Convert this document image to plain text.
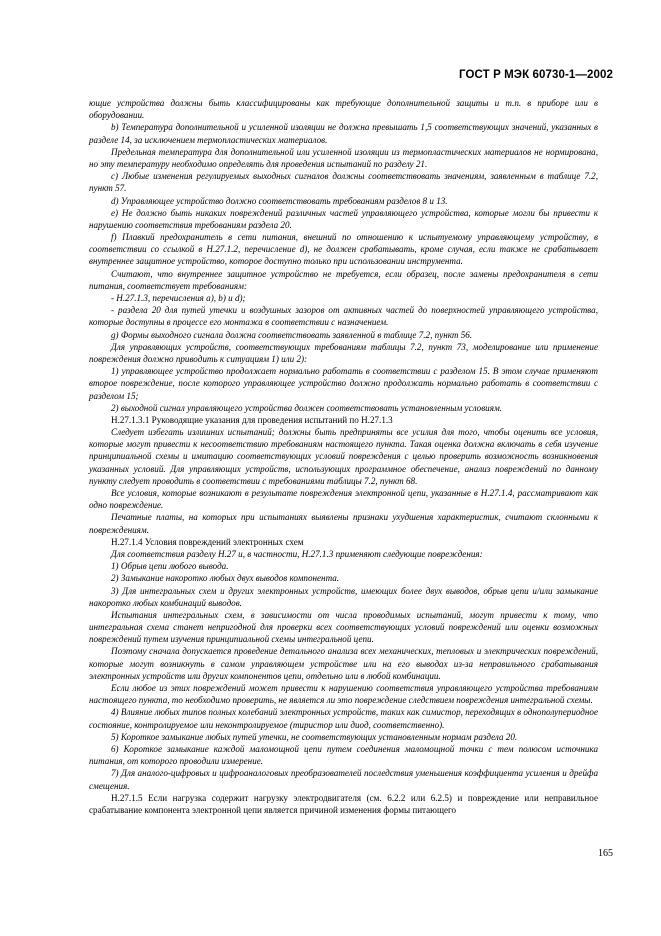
ГОСТ Р МЭК 60730-1—2002

ющие устройства должны быть классифицированы как требующие дополнительной защиты и т.п. в приборе или в оборудовании.

b) Температура дополнительной и усиленной изоляции не должна превышать 1,5 соответствующих значений, указанных в разделе 14, за исключением термопластических материалов.

Предельная температура для дополнительной или усиленной изоляции из термопластических материалов не нормирована, но эту температуру необходимо определять для проведения испытаний по разделу 21.

c) Любые изменения регулируемых выходных сигналов должны соответствовать значениям, заявленным в таблице 7.2, пункт 57.

d) Управляющее устройство должно соответствовать требованиям разделов 8 и 13.

e) Не должно быть никаких повреждений различных частей управляющего устройства, которые могли бы привести к нарушению соответствия требованиям раздела 20.

f) Плавкий предохранитель в сети питания, внешний по отношению к испытуемому управляющему устройству, в соответствии со ссылкой в Н.27.1.2, перечисление d), не должен срабатывать, кроме случая, если также не срабатывает внутреннее защитное устройство, которое доступно только при использовании инструмента.

Считают, что внутреннее защитное устройство не требуется, если образец, после замены предохранителя в сети питания, соответствует требованиям:

- Н.27.1.3, перечисления а), b) и d);

- раздела 20 для путей утечки и воздушных зазоров от активных частей до поверхностей управляющего устройства, которые доступны в процессе его монтажа в соответствии с назначением.

g) Формы выходного сигнала должна соответствовать заявленной в таблице 7.2, пункт 56.

Для управляющих устройств, соответствующих требованиям таблицы 7.2, пункт 73, моделирование или применение повреждения должно приводить к ситуациям 1) или 2):

1) управляющее устройство продолжает нормально работать в соответствии с разделом 15. В этом случае применяют второе повреждение, после которого управляющее устройство должно продолжать нормально работать в соответствии с разделом 15;

2) выходной сигнал управляющего устройства должен соответствовать установленным условиям.

Н.27.1.3.1 Руководящие указания для проведения испытаний по Н.27.1.3

Следует избегать излишних испытаний; должны быть предприняты все усилия для того, чтобы оценить все условия, которые могут привести к несоответствию требованиям настоящего пункта. Такая оценка должна включать в себя изучение принципиальной схемы и имитацию соответствующих условий повреждения с целью проверить возможность возникновения указанных условий. Для управляющих устройств, использующих программное обеспечение, анализ повреждений по данному пункту следует проводить в соответствии с требованиями таблицы 7.2, пункт 68.

Все условия, которые возникают в результате повреждения электронной цепи, указанные в Н.27.1.4, рассматривают как одно повреждение.

Печатные платы, на которых при испытаниях выявлены признаки ухудшения характеристик, считают склонными к повреждениям.

Н.27.1.4 Условия повреждений электронных схем

Для соответствия разделу Н.27 и, в частности, Н.27.1.3 применяют следующие повреждения:

1) Обрыв цепи любого вывода.

2) Замыкание накоротко любых двух выводов компонента.

3) Для интегральных схем и других электронных устройств, имеющих более двух выводов, обрыв цепи и/или замыкание накоротко любых комбинаций выводов.

Испытания интегральных схем, в зависимости от числа проводимых испытаний, могут привести к тому, что интегральная схема станет непригодной для проверки всех соответствующих условий повреждений или оценки возможных повреждений путем изучения принципиальной схемы интегральной цепи.

Поэтому сначала допускается проведение детального анализа всех механических, тепловых и электрических повреждений, которые могут возникнуть в самом управляющем устройстве или на его выводах из-за неправильного срабатывания электронных устройств или других компонентов цепи, отдельно или в любой комбинации.

Если любое из этих повреждений может привести к нарушению соответствия управляющего устройства требованиям настоящего пункта, то необходимо проверить, не является ли это повреждение следствием повреждения интегральной схемы.

4) Влияние любых типов полных колебаний электронных устройств, таких как симистор, переходящих в однополупериодное состояние, контролируемое или неконтролируемое (тиристор или диод, соответственно).

5) Короткое замыкание любых путей утечки, не соответствующих установленным нормам раздела 20.

6) Короткое замыкание каждой маломощной цепи путем соединения маломощной точки с тем полюсом источника питания, от которого проводили измерение.

7) Для аналого-цифровых и цифроаналоговых преобразователей последствия уменьшения коэффициента усиления и дрейфа смещения.

Н.27.1.5 Если нагрузка содержит нагрузку электродвигателя (см. 6.2.2 или 6.2.5) и повреждение или неправильное срабатывание компонента электронной цепи является причиной изменения формы питающего

165
